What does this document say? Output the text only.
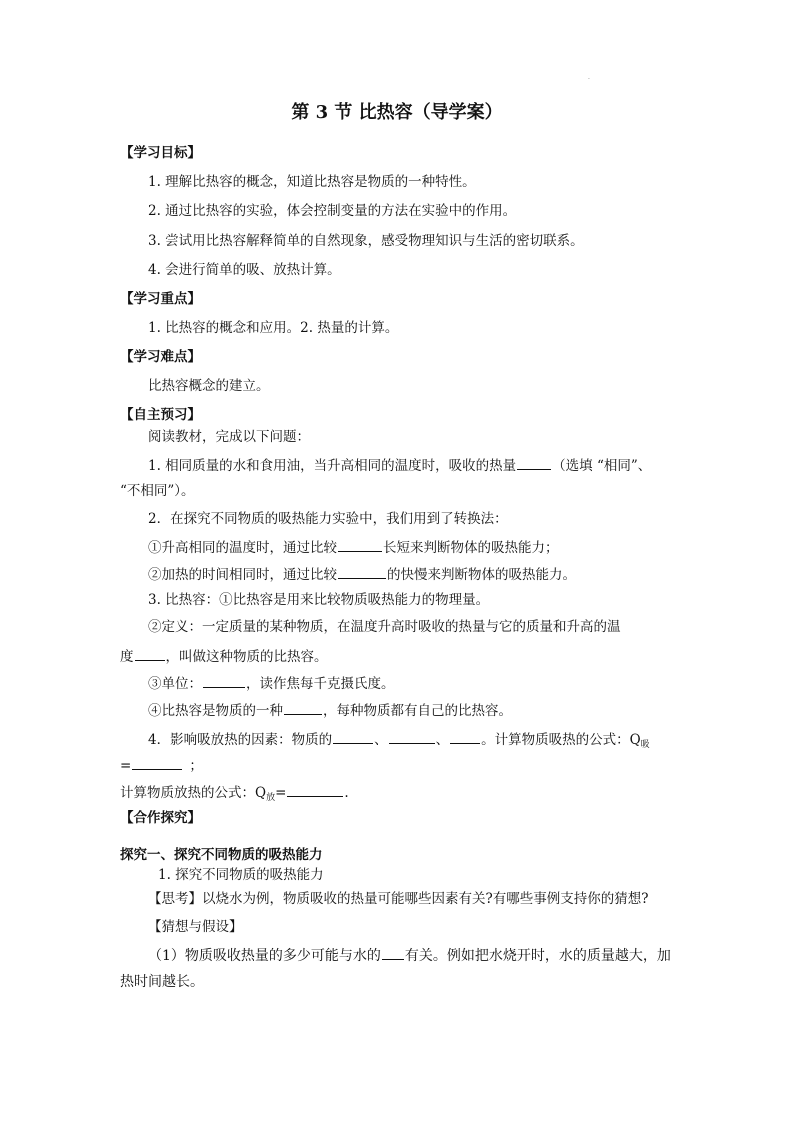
·
第 3 节 比热容（导学案）
【学习目标】
1. 理解比热容的概念，知道比热容是物质的一种特性。
2. 通过比热容的实验，体会控制变量的方法在实验中的作用。
3. 尝试用比热容解释简单的自然现象，感受物理知识与生活的密切联系。
4. 会进行简单的吸、放热计算。
【学习重点】
1. 比热容的概念和应用。2. 热量的计算。
【学习难点】
比热容概念的建立。
【自主预习】
阅读教材，完成以下问题：
1. 相同质量的水和食用油，当升高相同的温度时，吸收的热量	（选填 “相同”、
“不相同”）。
2．在探究不同物质的吸热能力实验中，我们用到了转换法：
①升高相同的温度时，通过比较	长短来判断物体的吸热能力；
②加热的时间相同时，通过比较	的快慢来判断物体的吸热能力。
3. 比热容：①比热容是用来比较物质吸热能力的物理量。
②定义：一定质量的某种物质，在温度升高时吸收的热量与它的质量和升高的温
度 ，叫做这种物质的比热容。
③单位：	，读作焦每千克摄氏度。
④比热容是物质的一种	，每种物质都有自己的比热容。
4．影响吸放热的因素：物质的	、	、 。计算物质吸热的公式：$Q_吸$
=	；
计算物质放热的公式：$Q_放=$	.
【合作探究】
探究一、探究不同物质的吸热能力
1. 探究不同物质的吸热能力
【思考】以烧水为例，物质吸收的热量可能哪些因素有关?有哪些事例支持你的猜想?
【猜想与假设】
（1）物质吸收热量的多少可能与水的 有关。例如把水烧开时，水的质量越大，加
热时间越长。
